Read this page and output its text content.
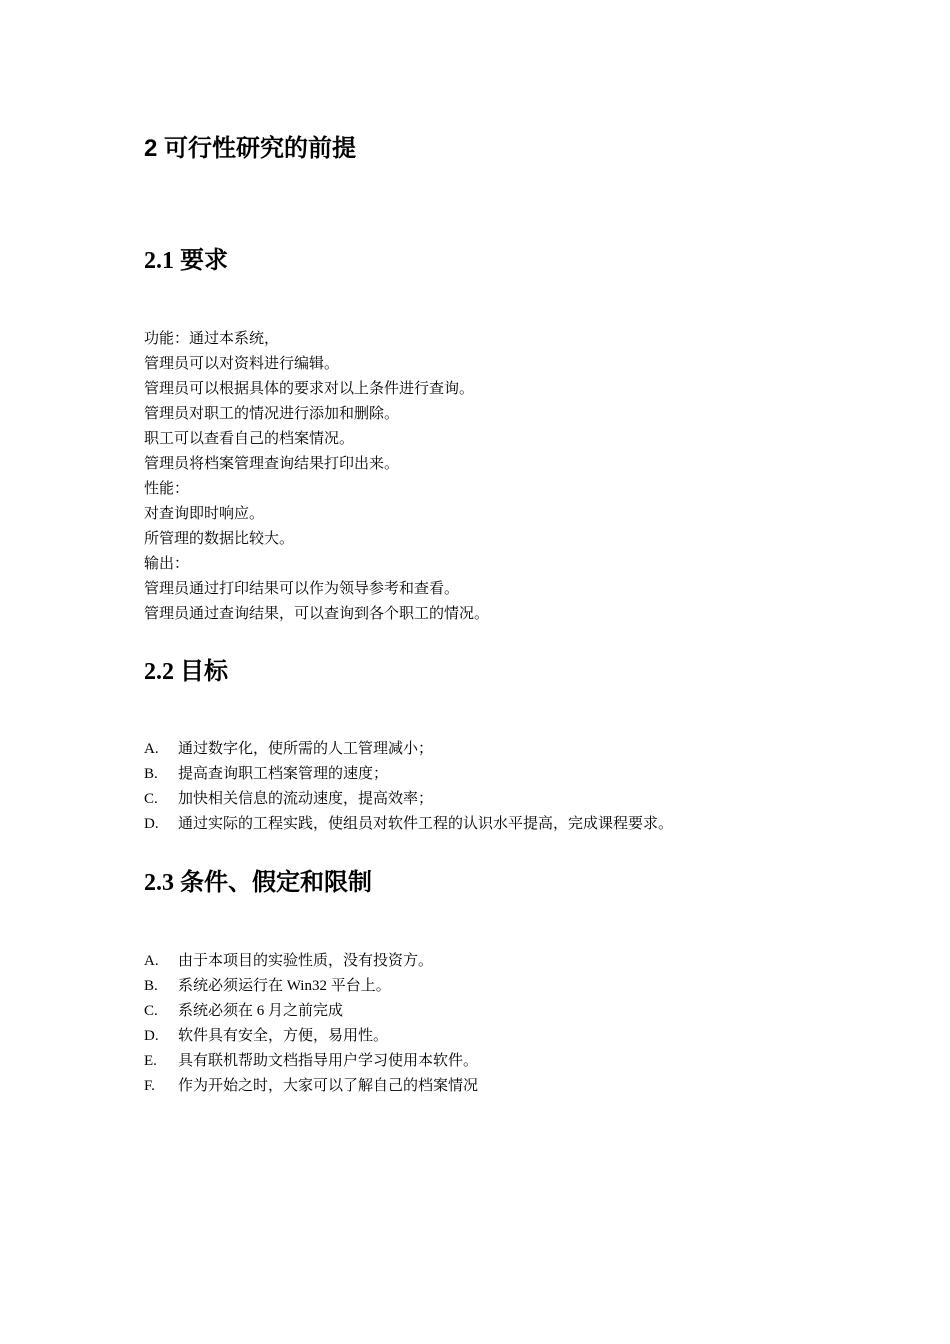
2 可行性研究的前提
2.1 要求
功能：通过本系统，
管理员可以对资料进行编辑。
管理员可以根据具体的要求对以上条件进行查询。
管理员对职工的情况进行添加和删除。
职工可以查看自己的档案情况。
管理员将档案管理查询结果打印出来。
性能：
对查询即时响应。
所管理的数据比较大。
输出：
管理员通过打印结果可以作为领导参考和查看。
管理员通过查询结果，可以查询到各个职工的情况。
2.2 目标
A.	通过数字化，使所需的人工管理减小；
B.	提高查询职工档案管理的速度；
C.	加快相关信息的流动速度，提高效率；
D.	通过实际的工程实践，使组员对软件工程的认识水平提高，完成课程要求。
2.3 条件、假定和限制
A.	由于本项目的实验性质，没有投资方。
B.	系统必须运行在 Win32 平台上。
C.	系统必须在 6 月之前完成
D.	软件具有安全，方便，易用性。
E.	具有联机帮助文档指导用户学习使用本软件。
F.	作为开始之时，大家可以了解自己的档案情况
